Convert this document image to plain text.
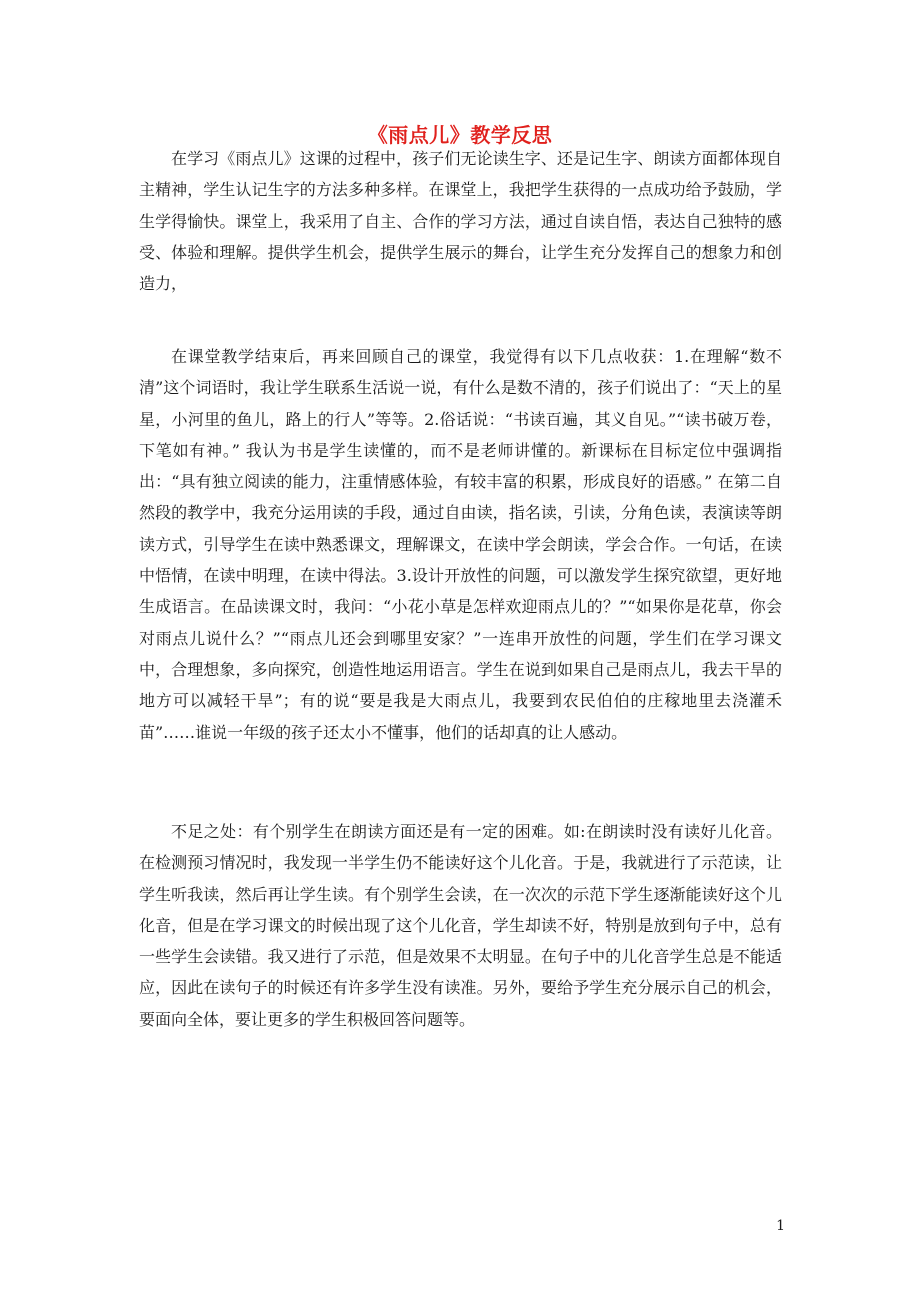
《雨点儿》教学反思

在学习《雨点儿》这课的过程中，孩子们无论读生字、还是记生字、朗读方面都体现自主精神，学生认记生字的方法多种多样。在课堂上，我把学生获得的一点成功给予鼓励，学生学得愉快。课堂上，我采用了自主、合作的学习方法，通过自读自悟，表达自己独特的感受、体验和理解。提供学生机会，提供学生展示的舞台，让学生充分发挥自己的想象力和创造力，

在课堂教学结束后，再来回顾自己的课堂，我觉得有以下几点收获：1.在理解“数不清”这个词语时，我让学生联系生活说一说，有什么是数不清的，孩子们说出了：“天上的星星，小河里的鱼儿，路上的行人”等等。2.俗话说：“书读百遍，其义自见。”“读书破万卷，下笔如有神。” 我认为书是学生读懂的，而不是老师讲懂的。新课标在目标定位中强调指出：“具有独立阅读的能力，注重情感体验，有较丰富的积累，形成良好的语感。” 在第二自然段的教学中，我充分运用读的手段，通过自由读，指名读，引读，分角色读，表演读等朗读方式，引导学生在读中熟悉课文，理解课文，在读中学会朗读，学会合作。一句话，在读中悟情，在读中明理，在读中得法。3.设计开放性的问题，可以激发学生探究欲望，更好地生成语言。在品读课文时，我问：“小花小草是怎样欢迎雨点儿的？”“如果你是花草，你会对雨点儿说什么？”“雨点儿还会到哪里安家？”一连串开放性的问题，学生们在学习课文中，合理想象，多向探究，创造性地运用语言。学生在说到如果自己是雨点儿，我去干旱的地方可以减轻干旱”；有的说“要是我是大雨点儿，我要到农民伯伯的庄稼地里去浇灌禾苗”……谁说一年级的孩子还太小不懂事，他们的话却真的让人感动。

不足之处：有个别学生在朗读方面还是有一定的困难。如:在朗读时没有读好儿化音。在检测预习情况时，我发现一半学生仍不能读好这个儿化音。于是，我就进行了示范读，让学生听我读，然后再让学生读。有个别学生会读，在一次次的示范下学生逐渐能读好这个儿化音，但是在学习课文的时候出现了这个儿化音，学生却读不好，特别是放到句子中，总有一些学生会读错。我又进行了示范，但是效果不太明显。在句子中的儿化音学生总是不能适应，因此在读句子的时候还有许多学生没有读准。另外，要给予学生充分展示自己的机会，要面向全体，要让更多的学生积极回答问题等。

1
